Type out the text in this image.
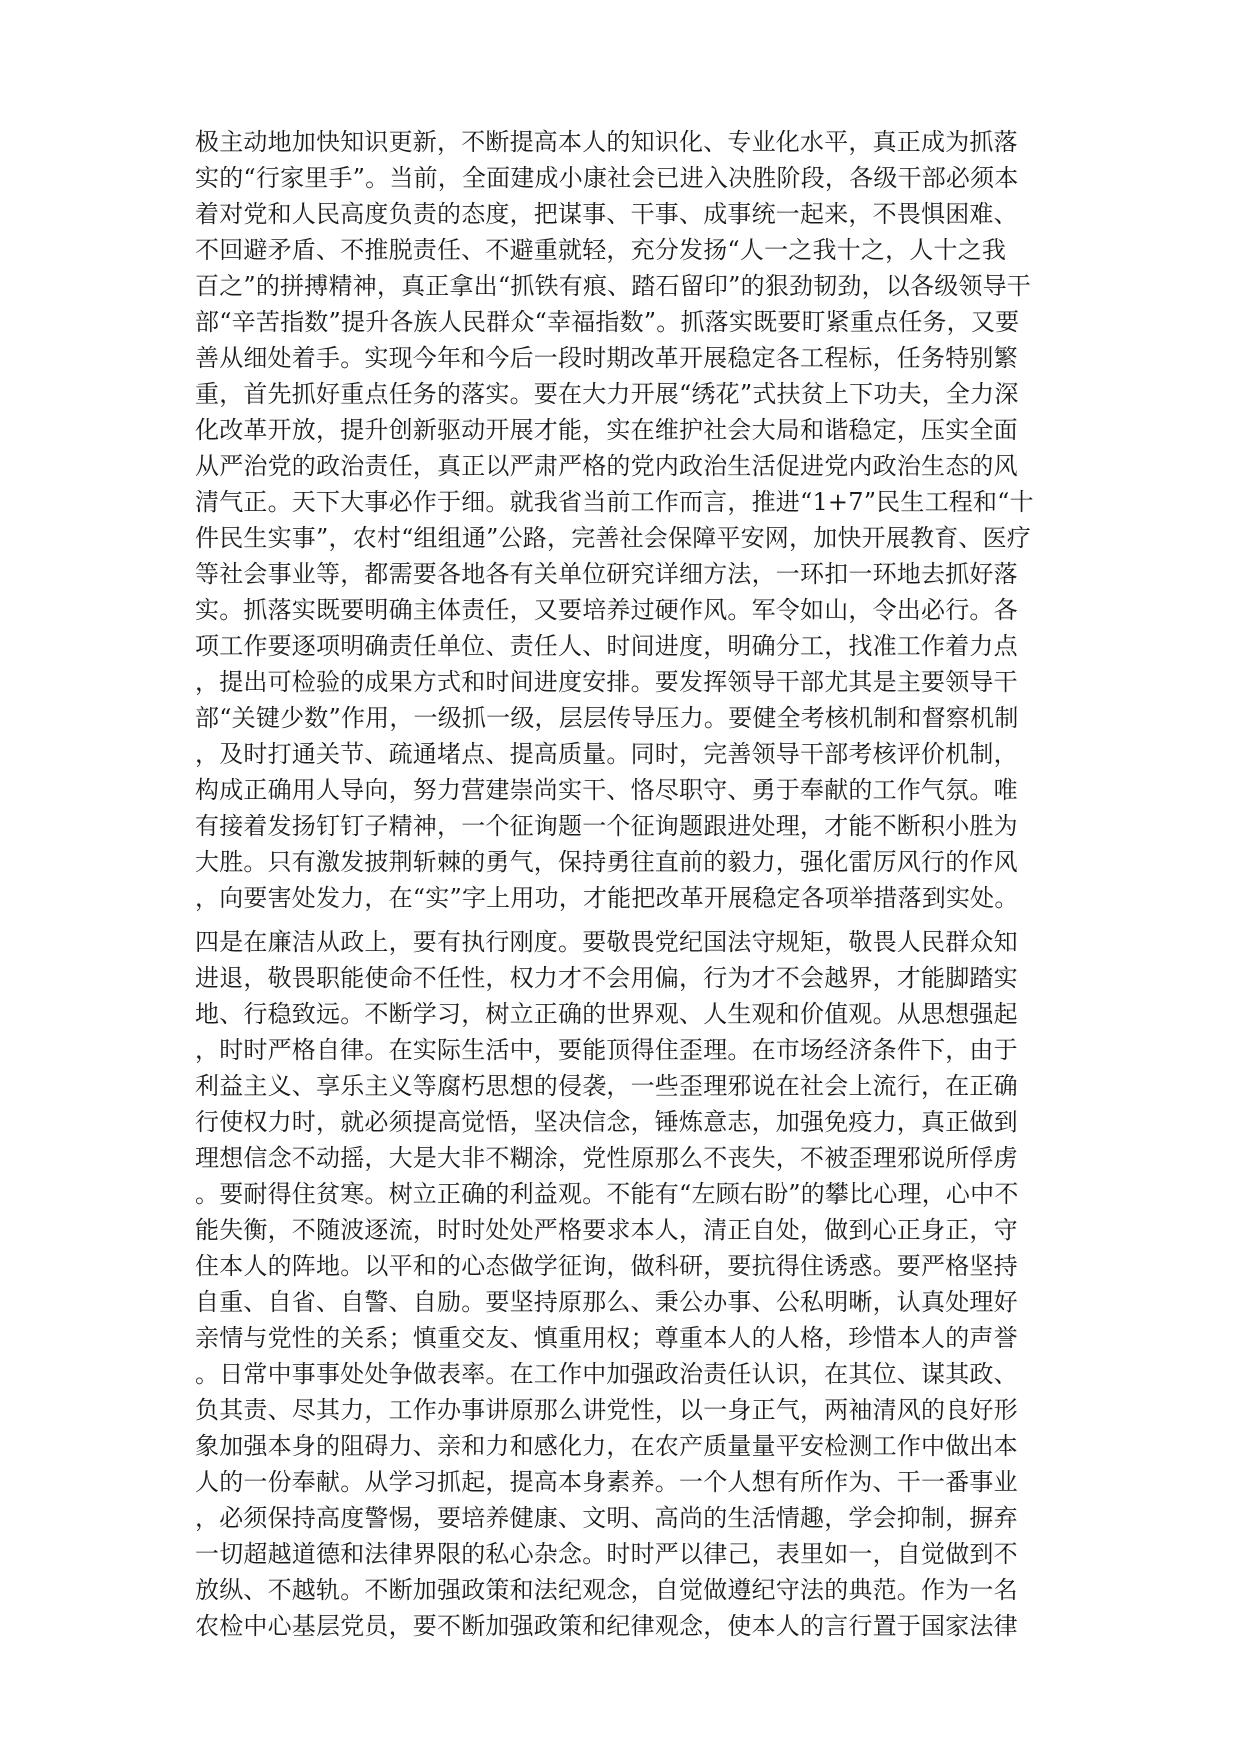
极主动地加快知识更新，不断提高本人的知识化、专业化水平，真正成为抓落
实的“行家里手”。当前，全面建成小康社会已进入决胜阶段，各级干部必须本
着对党和人民高度负责的态度，把谋事、干事、成事统一起来，不畏惧困难、
不回避矛盾、不推脱责任、不避重就轻，充分发扬“人一之我十之，人十之我
百之”的拼搏精神，真正拿出“抓铁有痕、踏石留印”的狠劲韧劲，以各级领导干
部“辛苦指数”提升各族人民群众“幸福指数”。抓落实既要盯紧重点任务，又要
善从细处着手。实现今年和今后一段时期改革开展稳定各工程标，任务特别繁
重，首先抓好重点任务的落实。要在大力开展“绣花”式扶贫上下功夫，全力深
化改革开放，提升创新驱动开展才能，实在维护社会大局和谐稳定，压实全面
从严治党的政治责任，真正以严肃严格的党内政治生活促进党内政治生态的风
清气正。天下大事必作于细。就我省当前工作而言，推进“1+7”民生工程和“十
件民生实事”，农村“组组通”公路，完善社会保障平安网，加快开展教育、医疗
等社会事业等，都需要各地各有关单位研究详细方法，一环扣一环地去抓好落
实。抓落实既要明确主体责任，又要培养过硬作风。军令如山，令出必行。各
项工作要逐项明确责任单位、责任人、时间进度，明确分工，找准工作着力点
，提出可检验的成果方式和时间进度安排。要发挥领导干部尤其是主要领导干
部“关键少数”作用，一级抓一级，层层传导压力。要健全考核机制和督察机制
，及时打通关节、疏通堵点、提高质量。同时，完善领导干部考核评价机制，
构成正确用人导向，努力营建崇尚实干、恪尽职守、勇于奉献的工作气氛。唯
有接着发扬钉钉子精神，一个征询题一个征询题跟进处理，才能不断积小胜为
大胜。只有激发披荆斩棘的勇气，保持勇往直前的毅力，强化雷厉风行的作风
，向要害处发力，在“实”字上用功，才能把改革开展稳定各项举措落到实处。
四是在廉洁从政上，要有执行刚度。要敬畏党纪国法守规矩，敬畏人民群众知
进退，敬畏职能使命不任性，权力才不会用偏，行为才不会越界，才能脚踏实
地、行稳致远。不断学习，树立正确的世界观、人生观和价值观。从思想强起
，时时严格自律。在实际生活中，要能顶得住歪理。在市场经济条件下，由于
利益主义、享乐主义等腐朽思想的侵袭，一些歪理邪说在社会上流行，在正确
行使权力时，就必须提高觉悟，坚决信念，锤炼意志，加强免疫力，真正做到
理想信念不动摇，大是大非不糊涂，党性原那么不丧失，不被歪理邪说所俘虏
。要耐得住贫寒。树立正确的利益观。不能有“左顾右盼”的攀比心理，心中不
能失衡，不随波逐流，时时处处严格要求本人，清正自处，做到心正身正，守
住本人的阵地。以平和的心态做学征询，做科研，要抗得住诱惑。要严格坚持
自重、自省、自警、自励。要坚持原那么、秉公办事、公私明晰，认真处理好
亲情与党性的关系；慎重交友、慎重用权；尊重本人的人格，珍惜本人的声誉
。日常中事事处处争做表率。在工作中加强政治责任认识，在其位、谋其政、
负其责、尽其力，工作办事讲原那么讲党性，以一身正气，两袖清风的良好形
象加强本身的阻碍力、亲和力和感化力，在农产质量量平安检测工作中做出本
人的一份奉献。从学习抓起，提高本身素养。一个人想有所作为、干一番事业
，必须保持高度警惕，要培养健康、文明、高尚的生活情趣，学会抑制，摒弃
一切超越道德和法律界限的私心杂念。时时严以律己，表里如一，自觉做到不
放纵、不越轨。不断加强政策和法纪观念，自觉做遵纪守法的典范。作为一名
农检中心基层党员，要不断加强政策和纪律观念，使本人的言行置于国家法律
